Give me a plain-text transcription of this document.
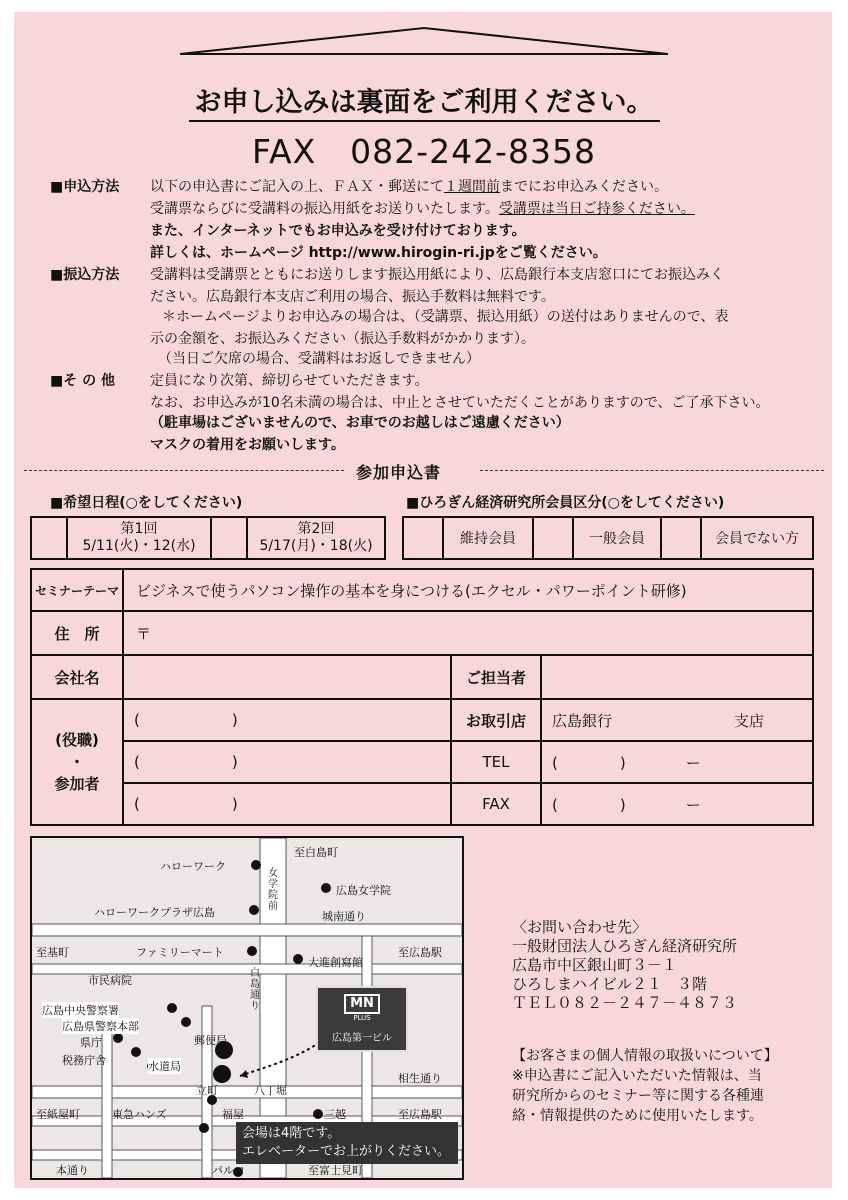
お申し込みは裏面をご利用ください。
FAX　082-242-8358
■申込方法 以下の申込書にご記入の上、ＦＡＸ・郵送にて１週間前までにお申込みください。
受講票ならびに受講料の振込用紙をお送りいたします。受講票は当日ご持参ください。
また、インターネットでもお申込みを受け付けております。
詳しくは、ホームページ http://www.hirogin-ri.jpをご覧ください。
■振込方法 受講料は受講票とともにお送りします振込用紙により、広島銀行本支店窓口にてお振込みく
ださい。広島銀行本支店ご利用の場合、振込手数料は無料です。
＊ホームページよりお申込みの場合は、（受講票、振込用紙）の送付はありませんので、表
示の金額を、お振込みください（振込手数料がかかります）。
（当日ご欠席の場合、受講料はお返しできません）
■そ の 他	定員になり次第、締切らせていただきます。
なお、お申込みが10名未満の場合は、中止とさせていただくことがありますので、ご了承下さい。
（駐車場はございませんので、お車でのお越しはご遠慮ください）
マスクの着用をお願いします。
参加申込書
■希望日程(○をしてください)	■ひろぎん経済研究所会員区分(○をしてください)

第1回
5/11(火)・12(水)

第2回
5/17(月)・18(火)
		維持会員		一般会員		会員でない方
セミナーテーマ	ビジネスで使うパソコン操作の基本を身につける(エクセル・パワーポイント研修)		
住　所	〒		
会社名		ご担当者	

(役職)
・
参加者	( )	お取引店	広島銀行 支店
	( )	TEL	( ) ー
	( )	FAX	( ) ー
至白島町
ハローワーク
女学院前
広島女学院
ハローワークプラザ広島	城南通り
至基町	ファミリーマート	至広島駅
大進創寫館
市民病院
白島通り
広島中央警察署
広島県警察本部
郵便局
県庁
税務庁舎	水道局
立町	八丁堀
相生通り
至紙屋町	東急ハンズ	福屋	三越	至広島駅
本通り	パルコ	至富士見町
MN
PLUS
広島第一ビル
会場は4階です。
エレベーターでお上がりください。
〈お問い合わせ先〉
一般財団法人ひろぎん経済研究所
広島市中区銀山町３－１
ひろしまハイビル２１　３階
ＴＥＬ０８２－２４７－４８７３
【お客さまの個人情報の取扱いについて】
※申込書にご記入いただいた情報は、当
研究所からのセミナー等に関する各種連
絡・情報提供のために使用いたします。
